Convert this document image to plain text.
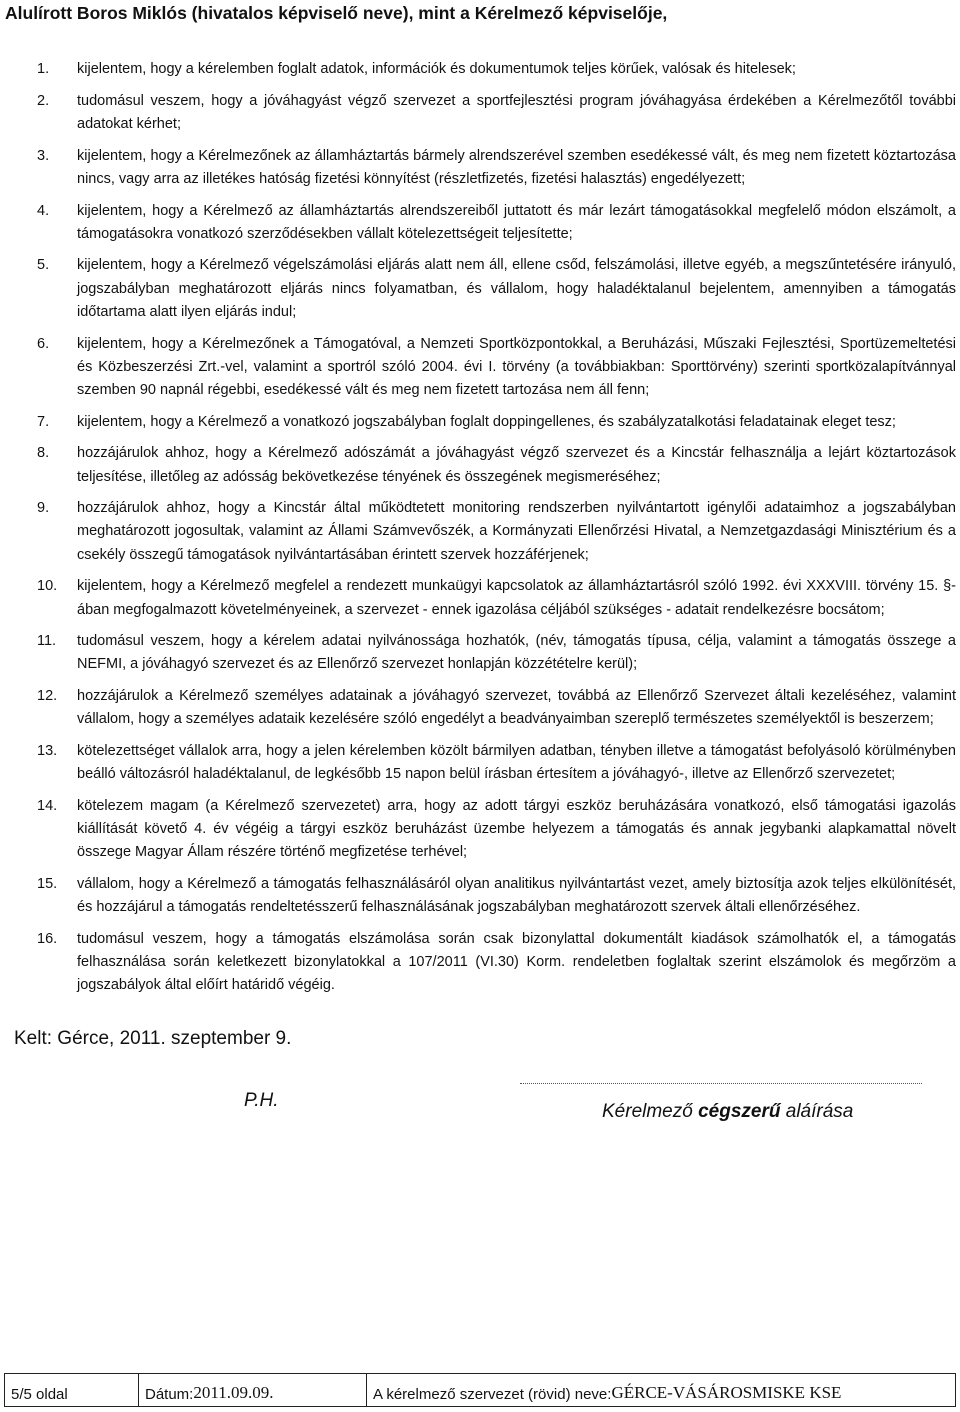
Alulírott Boros Miklós (hivatalos képviselő neve), mint a Kérelmező képviselője,
1. kijelentem, hogy a kérelemben foglalt adatok, információk és dokumentumok teljes körűek, valósak és hitelesek;
2. tudomásul veszem, hogy a jóváhagyást végző szervezet a sportfejlesztési program jóváhagyása érdekében a Kérelmezőtől további adatokat kérhet;
3. kijelentem, hogy a Kérelmezőnek az államháztartás bármely alrendszerével szemben esedékessé vált, és meg nem fizetett köztartozása nincs, vagy arra az illetékes hatóság fizetési könnyítést (részletfizetés, fizetési halasztás) engedélyezett;
4. kijelentem, hogy a Kérelmező az államháztartás alrendszereiből juttatott és már lezárt támogatásokkal megfelelő módon elszámolt, a támogatásokra vonatkozó szerződésekben vállalt kötelezettségeit teljesítette;
5. kijelentem, hogy a Kérelmező végelszámolási eljárás alatt nem áll, ellene csőd, felszámolási, illetve egyéb, a megszűntetésére irányuló, jogszabályban meghatározott eljárás nincs folyamatban, és vállalom, hogy haladéktalanul bejelentem, amennyiben a támogatás időtartama alatt ilyen eljárás indul;
6. kijelentem, hogy a Kérelmezőnek a Támogatóval, a Nemzeti Sportközpontokkal, a Beruházási, Műszaki Fejlesztési, Sportüzemeltetési és Közbeszerzési Zrt.-vel, valamint a sportról szóló 2004. évi I. törvény (a továbbiakban: Sporttörvény) szerinti sportközalapítvánnyal szemben 90 napnál régebbi, esedékessé vált és meg nem fizetett tartozása nem áll fenn;
7. kijelentem, hogy a Kérelmező a vonatkozó jogszabályban foglalt doppingellenes, és szabályzatalkotási feladatainak eleget tesz;
8. hozzájárulok ahhoz, hogy a Kérelmező adószámát a jóváhagyást végző szervezet és a Kincstár felhasználja a lejárt köztartozások teljesítése, illetőleg az adósság bekövetkezése tényének és összegének megismeréséhez;
9. hozzájárulok ahhoz, hogy a Kincstár által működtetett monitoring rendszerben nyilvántartott igénylői adataimhoz a jogszabályban meghatározott jogosultak, valamint az Állami Számvevőszék, a Kormányzati Ellenőrzési Hivatal, a Nemzetgazdasági Minisztérium és a csekély összegű támogatások nyilvántartásában érintett szervek hozzáférjenek;
10. kijelentem, hogy a Kérelmező megfelel a rendezett munkaügyi kapcsolatok az államháztartásról szóló 1992. évi XXXVIII. törvény 15. §-ában megfogalmazott követelményeinek, a szervezet - ennek igazolása céljából szükséges - adatait rendelkezésre bocsátom;
11. tudomásul veszem, hogy a kérelem adatai nyilvánossága hozhatók, (név, támogatás típusa, célja, valamint a támogatás összege a NEFMI, a jóváhagyó szervezet és az Ellenőrző szervezet honlapján közzétételre kerül);
12. hozzájárulok a Kérelmező személyes adatainak a jóváhagyó szervezet, továbbá az Ellenőrző Szervezet általi kezeléséhez, valamint vállalom, hogy a személyes adataik kezelésére szóló engedélyt a beadványaimban szereplő természetes személyektől is beszerzem;
13. kötelezettséget vállalok arra, hogy a jelen kérelemben közölt bármilyen adatban, tényben illetve a támogatást befolyásoló körülményben beálló változásról haladéktalanul, de legkésőbb 15 napon belül írásban értesítem a jóváhagyó-, illetve az Ellenőrző szervezetet;
14. kötelezem magam (a Kérelmező szervezetet) arra, hogy az adott tárgyi eszköz beruházására vonatkozó, első támogatási igazolás kiállítását követő 4. év végéig a tárgyi eszköz beruházást üzembe helyezem a támogatás és annak jegybanki alapkamattal növelt összege Magyar Állam részére történő megfizetése terhével;
15. vállalom, hogy a Kérelmező a támogatás felhasználásáról olyan analitikus nyilvántartást vezet, amely biztosítja azok teljes elkülönítését, és hozzájárul a támogatás rendeltetésszerű felhasználásának jogszabályban meghatározott szervek általi ellenőrzéséhez.
16. tudomásul veszem, hogy a támogatás elszámolása során csak bizonylattal dokumentált kiadások számolhatók el, a támogatás felhasználása során keletkezett bizonylatokkal a 107/2011 (VI.30) Korm. rendeletben foglaltak szerint elszámolok és megőrzöm a jogszabályok által előírt határidő végéig.
Kelt: Gérce, 2011. szeptember 9.
P.H.
Kérelmező cégszerű aláírása
5/5 oldal	Dátum: 2011.09.09.	A kérelmező szervezet (rövid) neve: GÉRCE-VÁSÁROSMISKE KSE
